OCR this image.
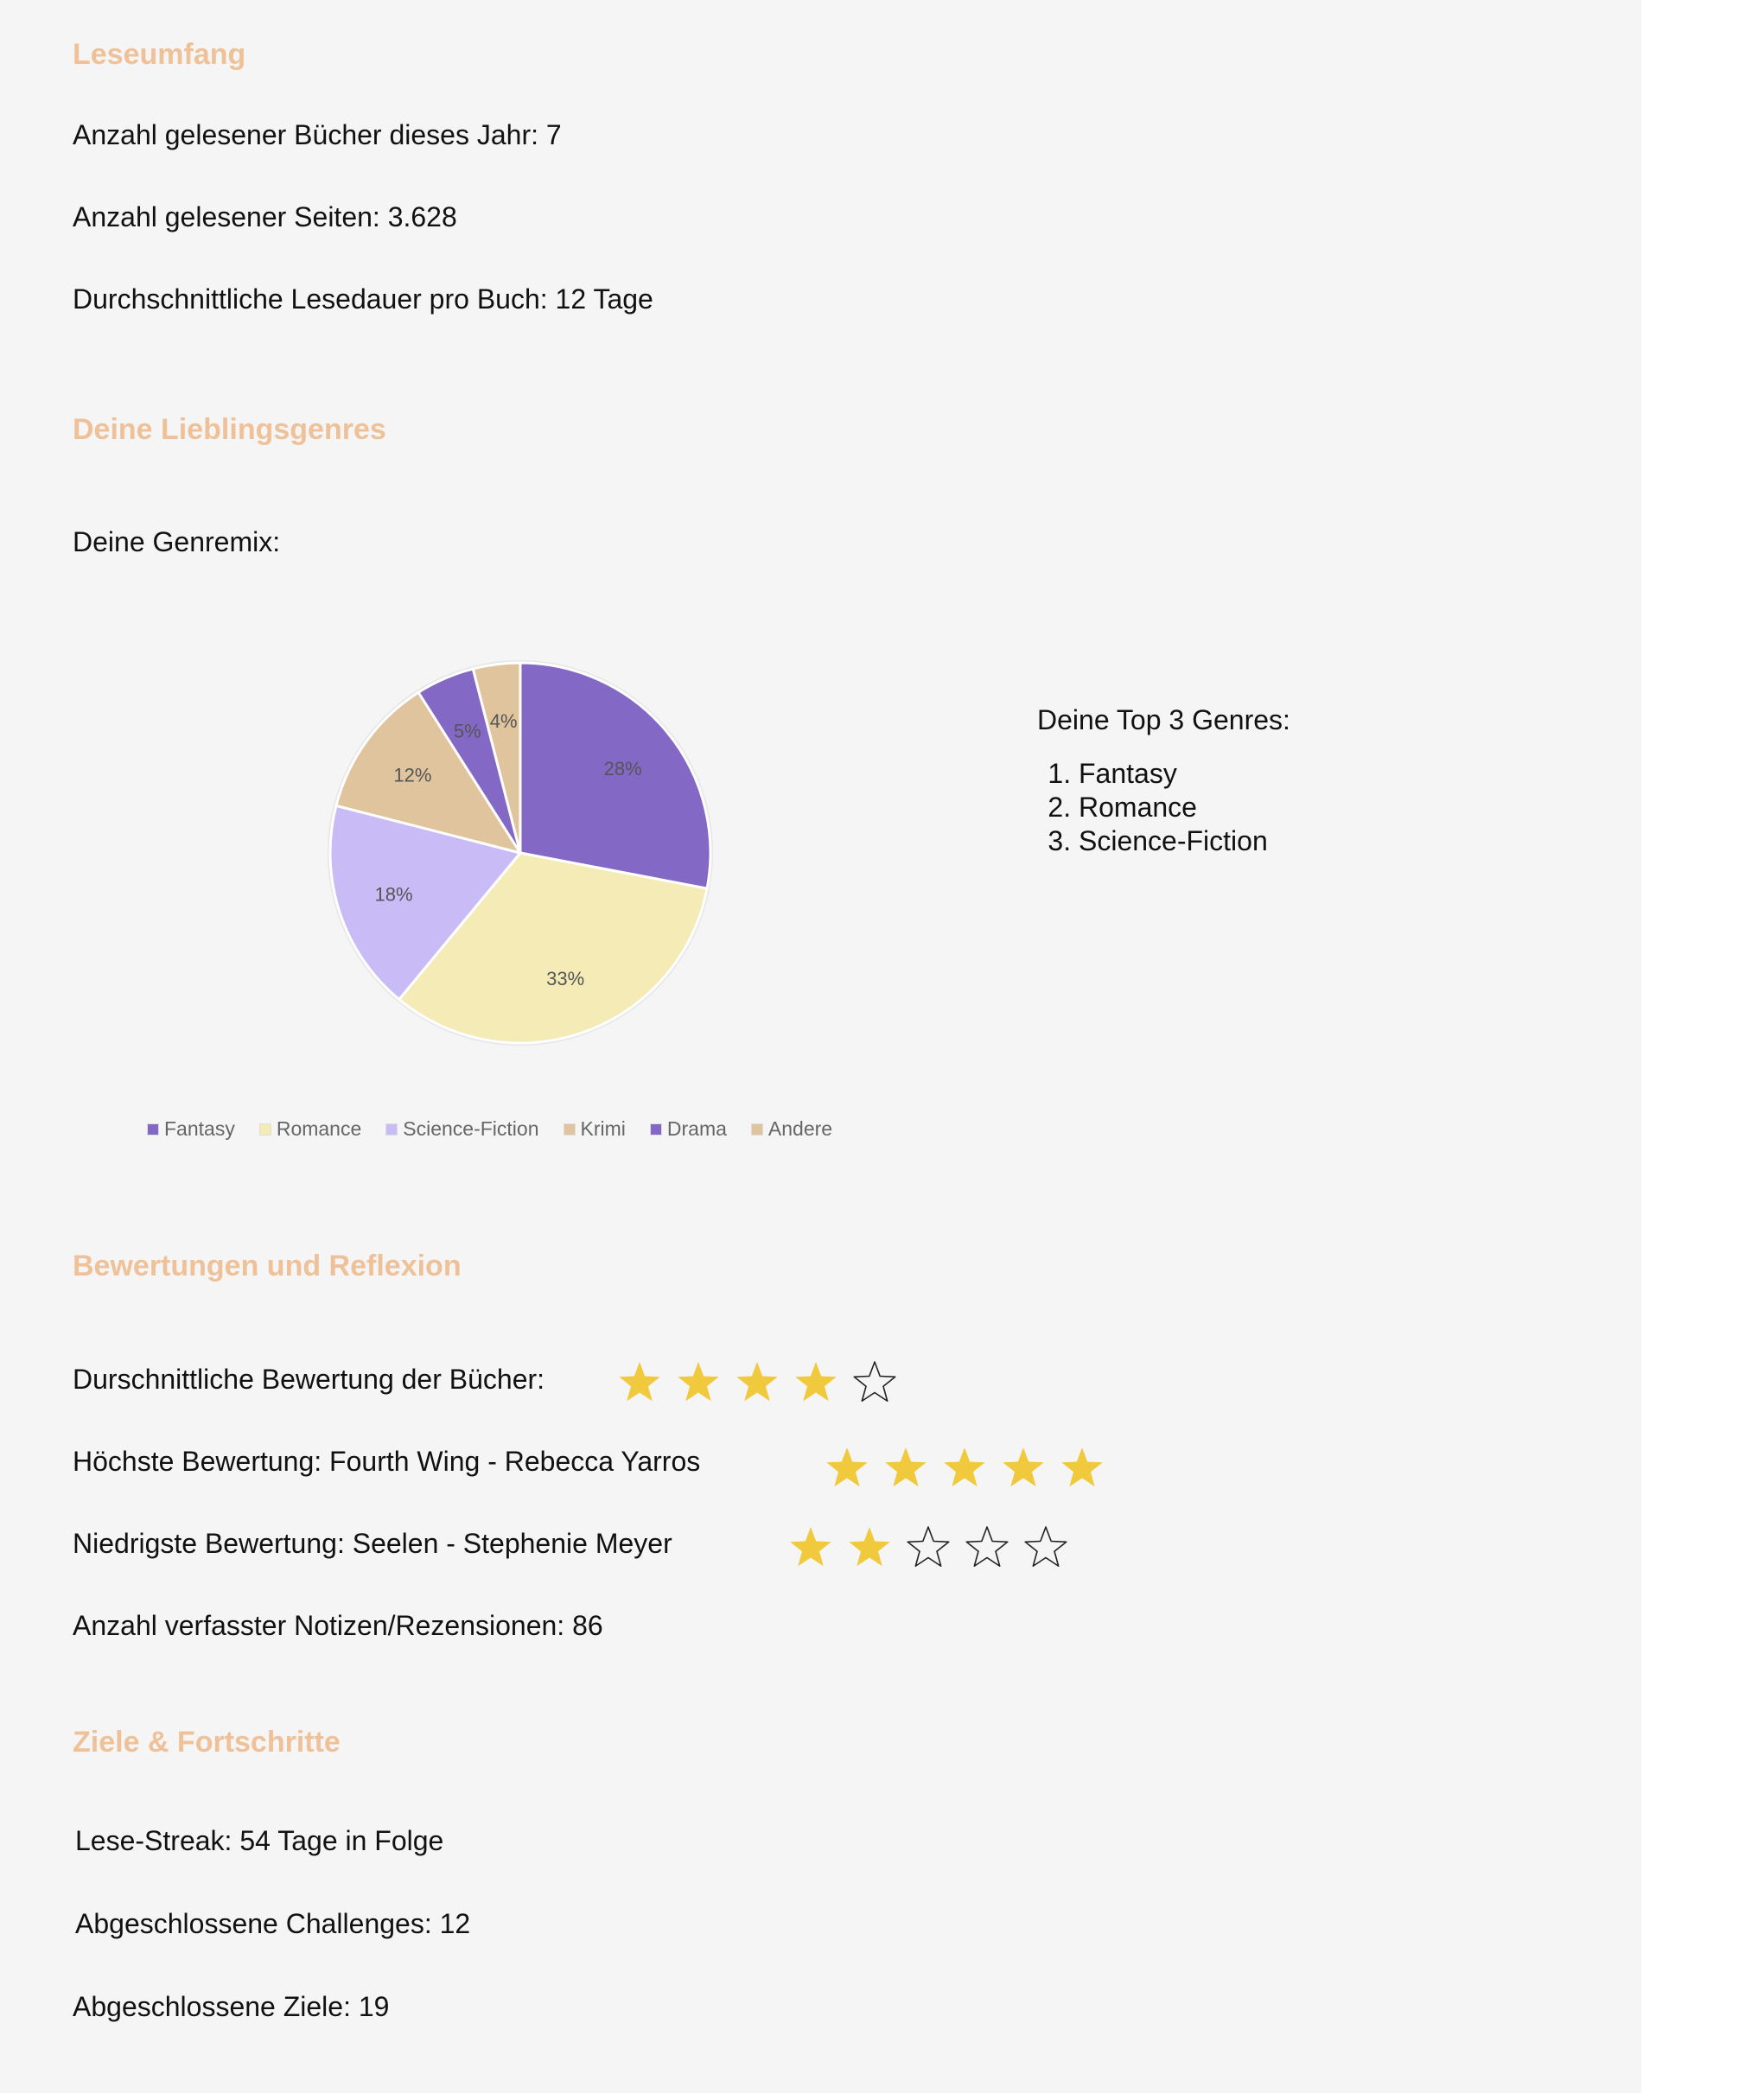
Leseumfang

Anzahl gelesener Bücher dieses Jahr: 7

Anzahl gelesener Seiten: 3.628

Durchschnittliche Lesedauer pro Buch: 12 Tage

Deine Lieblingsgenres

Deine Genremix:

28%
33%
18%
12%
5% 4%
Fantasy Romance Science-Fiction Krimi Drama Andere
Deine Top 3 Genres:
1. Fantasy
2. Romance
3. Science-Fiction
Bewertungen und Reflexion

Durschnittliche Bewertung der Bücher:

Höchste Bewertung: Fourth Wing - Rebecca Yarros

Niedrigste Bewertung: Seelen - Stephenie Meyer

Anzahl verfasster Notizen/Rezensionen: 86

Ziele & Fortschritte

Lese-Streak: 54 Tage in Folge

Abgeschlossene Challenges: 12

Abgeschlossene Ziele: 19
